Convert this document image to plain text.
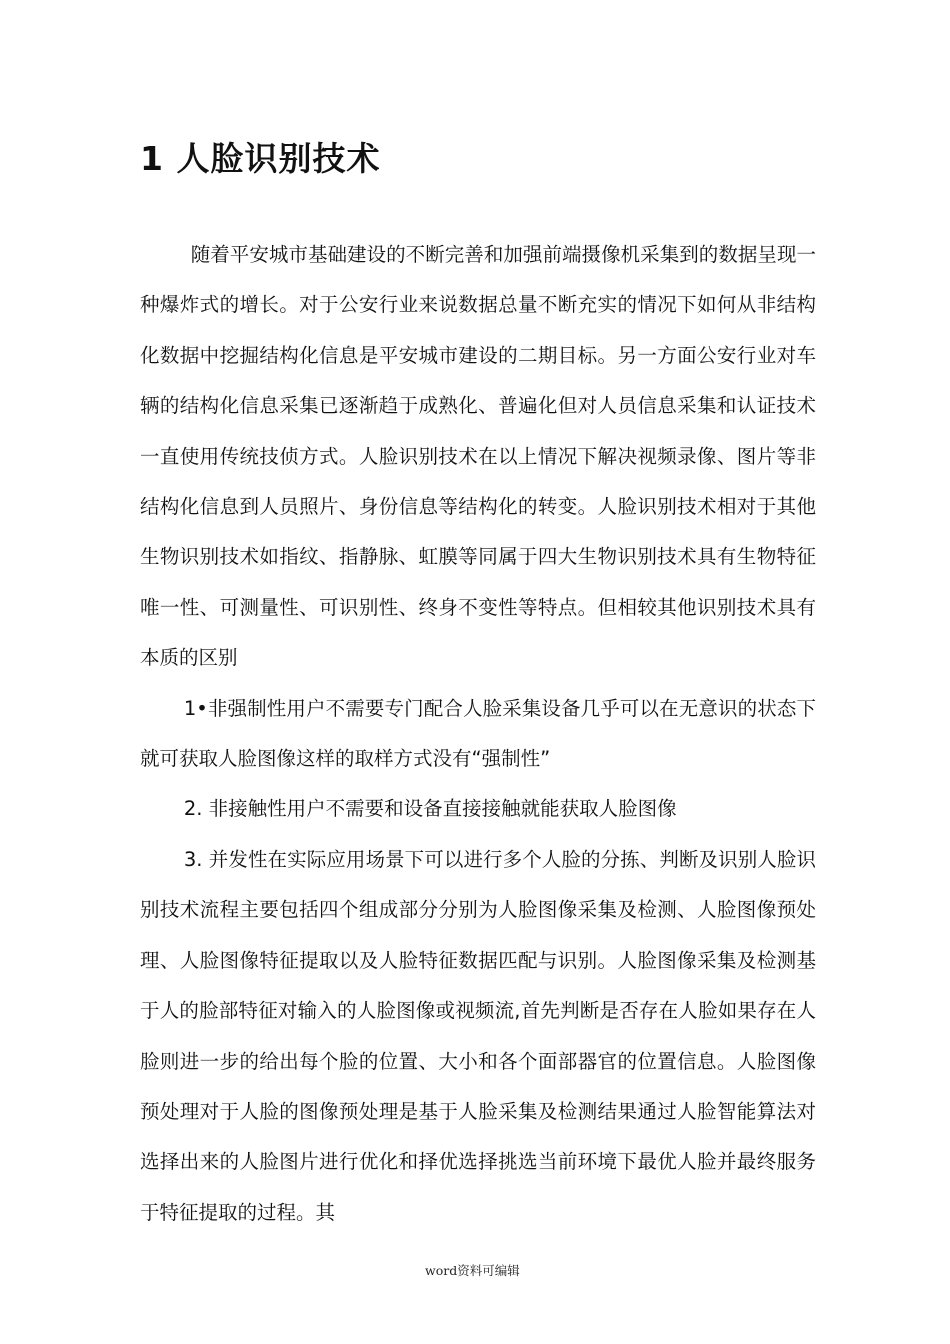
1 人脸识别技术

随着平安城市基础建设的不断完善和加强前端摄像机采集到的数据呈现一种爆炸式的增长。对于公安行业来说数据总量不断充实的情况下如何从非结构化数据中挖掘结构化信息是平安城市建设的二期目标。另一方面公安行业对车辆的结构化信息采集已逐渐趋于成熟化、普遍化但对人员信息采集和认证技术一直使用传统技侦方式。人脸识别技术在以上情况下解决视频录像、图片等非结构化信息到人员照片、身份信息等结构化的转变。人脸识别技术相对于其他生物识别技术如指纹、指静脉、虹膜等同属于四大生物识别技术具有生物特征唯一性、可测量性、可识别性、终身不变性等特点。但相较其他识别技术具有本质的区别

1•非强制性用户不需要专门配合人脸采集设备几乎可以在无意识的状态下就可获取人脸图像这样的取样方式没有“强制性”

2. 非接触性用户不需要和设备直接接触就能获取人脸图像

3. 并发性在实际应用场景下可以进行多个人脸的分拣、判断及识别人脸识别技术流程主要包括四个组成部分分别为人脸图像采集及检测、人脸图像预处理、人脸图像特征提取以及人脸特征数据匹配与识别。人脸图像采集及检测基于人的脸部特征对输入的人脸图像或视频流,首先判断是否存在人脸如果存在人脸则进一步的给出每个脸的位置、大小和各个面部器官的位置信息。人脸图像预处理对于人脸的图像预处理是基于人脸采集及检测结果通过人脸智能算法对选择出来的人脸图片进行优化和择优选择挑选当前环境下最优人脸并最终服务于特征提取的过程。其

word资料可编辑
